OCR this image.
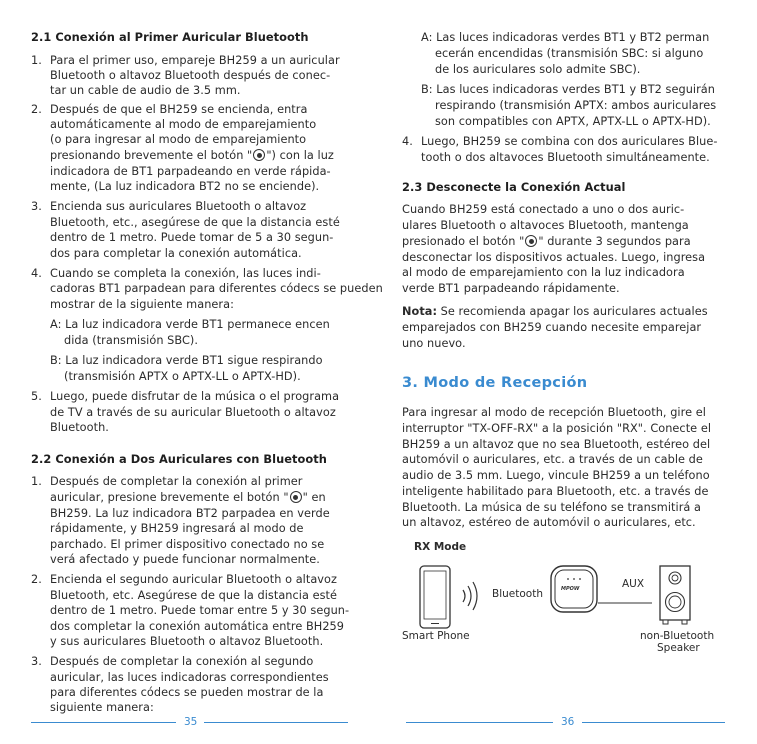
2.1 Conexión al Primer Auricular Bluetooth
1. Para el primer uso, empareje BH259 a un auricular
Bluetooth o altavoz Bluetooth después de conec-
tar un cable de audio de 3.5 mm.
2. Después de que el BH259 se encienda, entra
automáticamente al modo de emparejamiento
(o para ingresar al modo de emparejamiento
presionando brevemente el botón " ") con la luz
indicadora de BT1 parpadeando en verde rápida-
mente, (La luz indicadora BT2 no se enciende).
3. Encienda sus auriculares Bluetooth o altavoz
Bluetooth, etc., asegúrese de que la distancia esté
dentro de 1 metro. Puede tomar de 5 a 30 segun-
dos para completar la conexión automática.
4. Cuando se completa la conexión, las luces indi-
cadoras BT1 parpadean para diferentes códecs se pueden
mostrar de la siguiente manera:
A: La luz indicadora verde BT1 permanece encen
dida (transmisión SBC).
B: La luz indicadora verde BT1 sigue respirando
(transmisión APTX o APTX-LL o APTX-HD).
5. Luego, puede disfrutar de la música o el programa
de TV a través de su auricular Bluetooth o altavoz
Bluetooth.
2.2 Conexión a Dos Auriculares con Bluetooth
1. Después de completar la conexión al primer
auricular, presione brevemente el botón " " en
BH259. La luz indicadora BT2 parpadea en verde
rápidamente, y BH259 ingresará al modo de
parchado. El primer dispositivo conectado no se
verá afectado y puede funcionar normalmente.
2. Encienda el segundo auricular Bluetooth o altavoz
Bluetooth, etc. Asegúrese de que la distancia esté
dentro de 1 metro. Puede tomar entre 5 y 30 segun-
dos completar la conexión automática entre BH259
y sus auriculares Bluetooth o altavoz Bluetooth.
3. Después de completar la conexión al segundo
auricular, las luces indicadoras correspondientes
para diferentes códecs se pueden mostrar de la
siguiente manera:
A: Las luces indicadoras verdes BT1 y BT2 perman
ecerán encendidas (transmisión SBC: si alguno
de los auriculares solo admite SBC).
B: Las luces indicadoras verdes BT1 y BT2 seguirán
respirando (transmisión APTX: ambos auriculares
son compatibles con APTX, APTX-LL o APTX-HD).
4. Luego, BH259 se combina con dos auriculares Blue-
tooth o dos altavoces Bluetooth simultáneamente.
2.3 Desconecte la Conexión Actual
Cuando BH259 está conectado a uno o dos auric-
ulares Bluetooth o altavoces Bluetooth, mantenga
presionado el botón " " durante 3 segundos para
desconectar los dispositivos actuales. Luego, ingresa
al modo de emparejamiento con la luz indicadora
verde BT1 parpadeando rápidamente.
Nota: Se recomienda apagar los auriculares actuales
emparejados con BH259 cuando necesite emparejar
uno nuevo.
3. Modo de Recepción
Para ingresar al modo de recepción Bluetooth, gire el
interruptor "TX-OFF-RX" a la posición "RX". Conecte el
BH259 a un altavoz que no sea Bluetooth, estéreo del
automóvil o auriculares, etc. a través de un cable de
audio de 3.5 mm. Luego, vincule BH259 a un teléfono
inteligente habilitado para Bluetooth, etc. a través de
Bluetooth. La música de su teléfono se transmitirá a
un altavoz, estéreo de automóvil o auriculares, etc.
RX Mode
MPOW
Bluetooth
AUX
Smart Phone	non-Bluetooth
Speaker
35	36
